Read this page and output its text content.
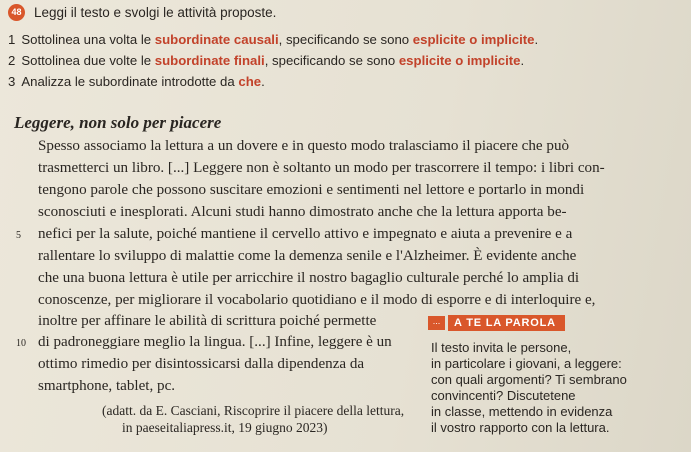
48 Leggi il testo e svolgi le attività proposte.
1 Sottolinea una volta le subordinate causali, specificando se sono esplicite o implicite.
2 Sottolinea due volte le subordinate finali, specificando se sono esplicite o implicite.
3 Analizza le subordinate introdotte da che.
Leggere, non solo per piacere
Spesso associamo la lettura a un dovere e in questo modo tralasciamo il piacere che può
trasmetterci un libro. [...] Leggere non è soltanto un modo per trascorrere il tempo: i libri con-
tengono parole che possono suscitare emozioni e sentimenti nel lettore e portarlo in mondi
sconosciuti e inesplorati. Alcuni studi hanno dimostrato anche che la lettura apporta be-
5 nefici per la salute, poiché mantiene il cervello attivo e impegnato e aiuta a prevenire e a
rallentare lo sviluppo di malattie come la demenza senile e l'Alzheimer. È evidente anche
che una buona lettura è utile per arricchire il nostro bagaglio culturale perché lo amplia di
conoscenze, per migliorare il vocabolario quotidiano e il modo di esporre e di interloquire e,
inoltre per affinare le abilità di scrittura poiché permette
10 di padroneggiare meglio la lingua. [...] Infine, leggere è un
ottimo rimedio per disintossicarsi dalla dipendenza da
smartphone, tablet, pc.
(adatt. da E. Casciani, Riscoprire il piacere della lettura,
in paeseitaliapress.it, 19 giugno 2023)
...	A TE LA PAROLA
Il testo invita le persone,
in particolare i giovani, a leggere:
con quali argomenti? Ti sembrano
convincenti? Discutetene
in classe, mettendo in evidenza
il vostro rapporto con la lettura.
